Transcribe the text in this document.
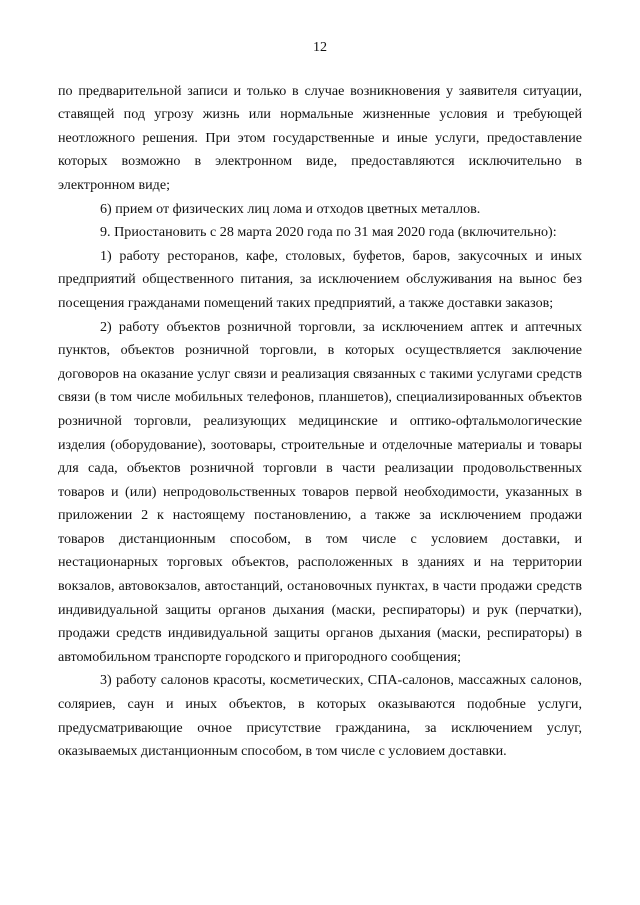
12

по предварительной записи и только в случае возникновения у заявителя ситуации, ставящей под угрозу жизнь или нормальные жизненные условия и требующей неотложного решения. При этом государственные и иные услуги, предоставление которых возможно в электронном виде, предоставляются исключительно в электронном виде;

6) прием от физических лиц лома и отходов цветных металлов.

9. Приостановить с 28 марта 2020 года по 31 мая 2020 года (включительно):

1) работу ресторанов, кафе, столовых, буфетов, баров, закусочных и иных предприятий общественного питания, за исключением обслуживания на вынос без посещения гражданами помещений таких предприятий, а также доставки заказов;

2) работу объектов розничной торговли, за исключением аптек и аптечных пунктов, объектов розничной торговли, в которых осуществляется заключение договоров на оказание услуг связи и реализация связанных с такими услугами средств связи (в том числе мобильных телефонов, планшетов), специализированных объектов розничной торговли, реализующих медицинские и оптико-офтальмологические изделия (оборудование), зоотовары, строительные и отделочные материалы и товары для сада, объектов розничной торговли в части реализации продовольственных товаров и (или) непродовольственных товаров первой необходимости, указанных в приложении 2 к настоящему постановлению, а также за исключением продажи товаров дистанционным способом, в том числе с условием доставки, и нестационарных торговых объектов, расположенных в зданиях и на территории вокзалов, автовокзалов, автостанций, остановочных пунктах, в части продажи средств индивидуальной защиты органов дыхания (маски, респираторы) и рук (перчатки), продажи средств индивидуальной защиты органов дыхания (маски, респираторы) в автомобильном транспорте городского и пригородного сообщения;

3) работу салонов красоты, косметических, СПА-салонов, массажных салонов, соляриев, саун и иных объектов, в которых оказываются подобные услуги, предусматривающие очное присутствие гражданина, за исключением услуг, оказываемых дистанционным способом, в том числе с условием доставки.
